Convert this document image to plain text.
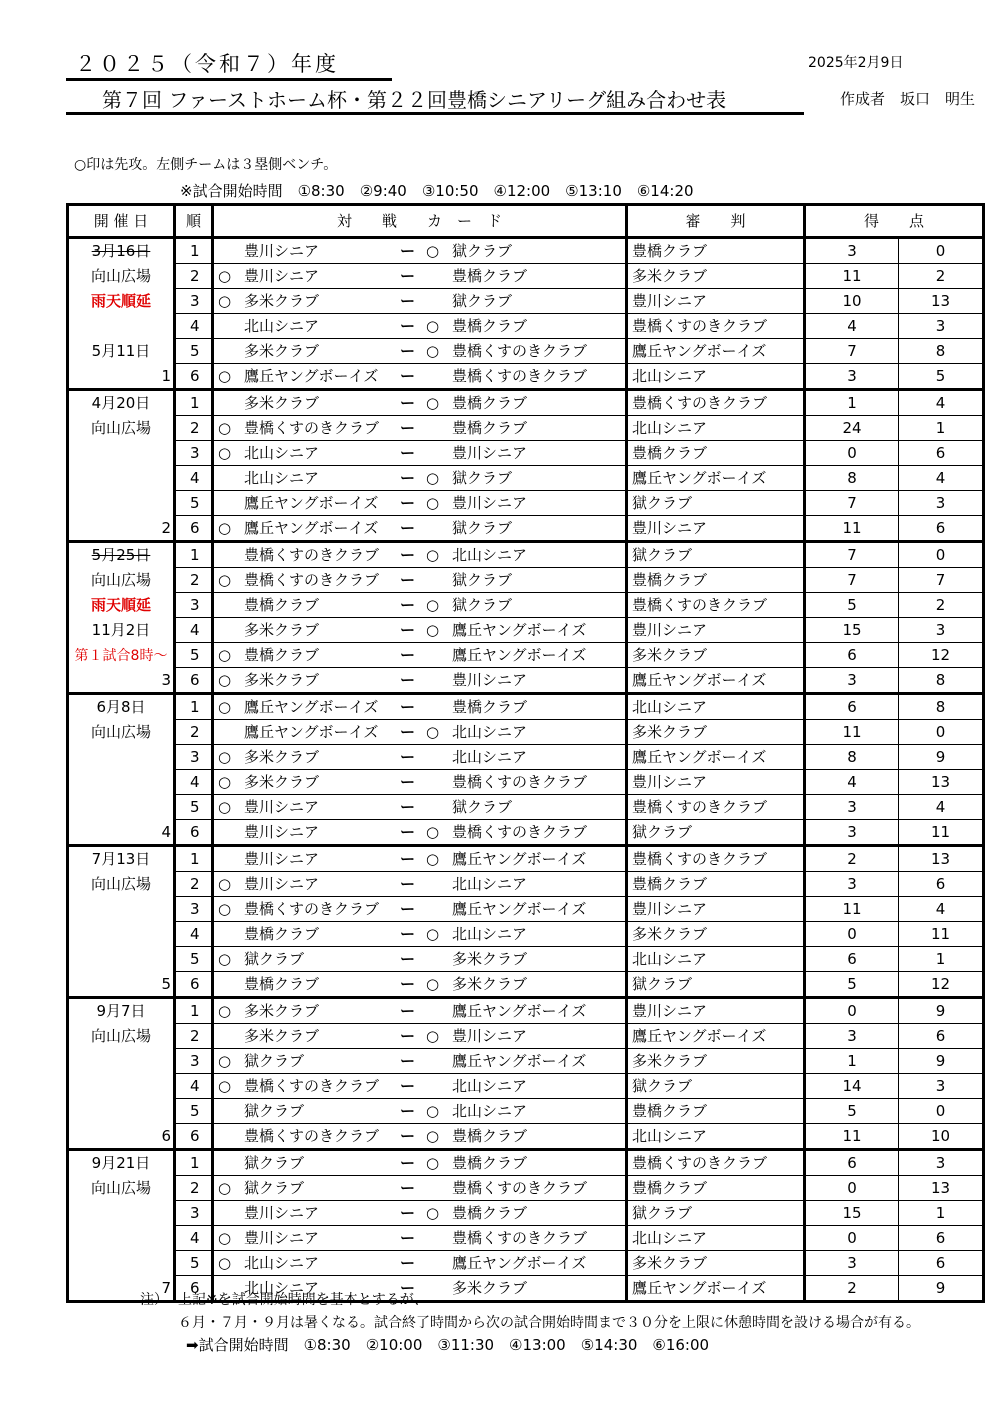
２０２５（令和７）年度
第７回 ファーストホーム杯・第２２回豊橋シニアリーグ組み合わせ表
2025年2月9日
作成者　坂口　明生
○印は先攻。左側チームは３塁側ベンチ。
※試合開始時間　①8:30　②9:40　③10:50　④12:00　⑤13:10　⑥14:20
開 催 日	順	対　　戦　　カ　ー　ド	審　　判	得　　点	
3月16日	1	豊川シニア ー ○ 獄クラブ	豊橋クラブ	3	0
向山広場	2	○ 豊川シニア ー 豊橋クラブ	多米クラブ	11	2
雨天順延	3	○ 多米クラブ ー 獄クラブ	豊川シニア	10	13
	4	北山シニア ー ○ 豊橋クラブ	豊橋くすのきクラブ	4	3
5月11日	5	多米クラブ ー ○ 豊橋くすのきクラブ	鷹丘ヤングボーイズ	7	8

1	6	○ 鷹丘ヤングボーイズ ー 豊橋くすのきクラブ	北山シニア	3	5
4月20日	1	多米クラブ ー ○ 豊橋クラブ	豊橋くすのきクラブ	1	4
向山広場	2	○ 豊橋くすのきクラブ ー 豊橋クラブ	北山シニア	24	1
	3	○ 北山シニア ー 豊川シニア	豊橋クラブ	0	6
	4	北山シニア ー ○ 獄クラブ	鷹丘ヤングボーイズ	8	4
	5	鷹丘ヤングボーイズ ー ○ 豊川シニア	獄クラブ	7	3

2	6	○ 鷹丘ヤングボーイズ ー 獄クラブ	豊川シニア	11	6
5月25日	1	豊橋くすのきクラブ ー ○ 北山シニア	獄クラブ	7	0
向山広場	2	○ 豊橋くすのきクラブ ー 獄クラブ	豊橋クラブ	7	7
雨天順延	3	豊橋クラブ ー ○ 獄クラブ	豊橋くすのきクラブ	5	2
11月2日	4	多米クラブ ー ○ 鷹丘ヤングボーイズ	豊川シニア	15	3
第１試合8時～	5	○ 豊橋クラブ ー 鷹丘ヤングボーイズ	多米クラブ	6	12

3	6	○ 多米クラブ ー 豊川シニア	鷹丘ヤングボーイズ	3	8
6月8日	1	○ 鷹丘ヤングボーイズ ー 豊橋クラブ	北山シニア	6	8
向山広場	2	鷹丘ヤングボーイズ ー ○ 北山シニア	多米クラブ	11	0
	3	○ 多米クラブ ー 北山シニア	鷹丘ヤングボーイズ	8	9
	4	○ 多米クラブ ー 豊橋くすのきクラブ	豊川シニア	4	13
	5	○ 豊川シニア ー 獄クラブ	豊橋くすのきクラブ	3	4

4	6	豊川シニア ー ○ 豊橋くすのきクラブ	獄クラブ	3	11
7月13日	1	豊川シニア ー ○ 鷹丘ヤングボーイズ	豊橋くすのきクラブ	2	13
向山広場	2	○ 豊川シニア ー 北山シニア	豊橋クラブ	3	6
	3	○ 豊橋くすのきクラブ ー 鷹丘ヤングボーイズ	豊川シニア	11	4
	4	豊橋クラブ ー ○ 北山シニア	多米クラブ	0	11
	5	○ 獄クラブ ー 多米クラブ	北山シニア	6	1

5	6	豊橋クラブ ー ○ 多米クラブ	獄クラブ	5	12
9月7日	1	○ 多米クラブ ー 鷹丘ヤングボーイズ	豊川シニア	0	9
向山広場	2	多米クラブ ー ○ 豊川シニア	鷹丘ヤングボーイズ	3	6
	3	○ 獄クラブ ー 鷹丘ヤングボーイズ	多米クラブ	1	9
	4	○ 豊橋くすのきクラブ ー 北山シニア	獄クラブ	14	3
	5	獄クラブ ー ○ 北山シニア	豊橋クラブ	5	0

6	6	豊橋くすのきクラブ ー ○ 豊橋クラブ	北山シニア	11	10
9月21日	1	獄クラブ ー ○ 豊橋クラブ	豊橋くすのきクラブ	6	3
向山広場	2	○ 獄クラブ ー 豊橋くすのきクラブ	豊橋クラブ	0	13
	3	豊川シニア ー ○ 豊橋クラブ	獄クラブ	15	1
	4	○ 豊川シニア ー 豊橋くすのきクラブ	北山シニア	0	6
	5	○ 北山シニア ー 鷹丘ヤングボーイズ	多米クラブ	3	6

7	6	北山シニア ー 多米クラブ	鷹丘ヤングボーイズ	2	9
注） 上記※を試合開始時間を基本とするが、
６月・７月・９月は暑くなる。試合終了時間から次の試合開始時間まで３０分を上限に休憩時間を設ける場合が有る。
➡試合開始時間　①8:30　②10:00　③11:30　④13:00　⑤14:30　⑥16:00
